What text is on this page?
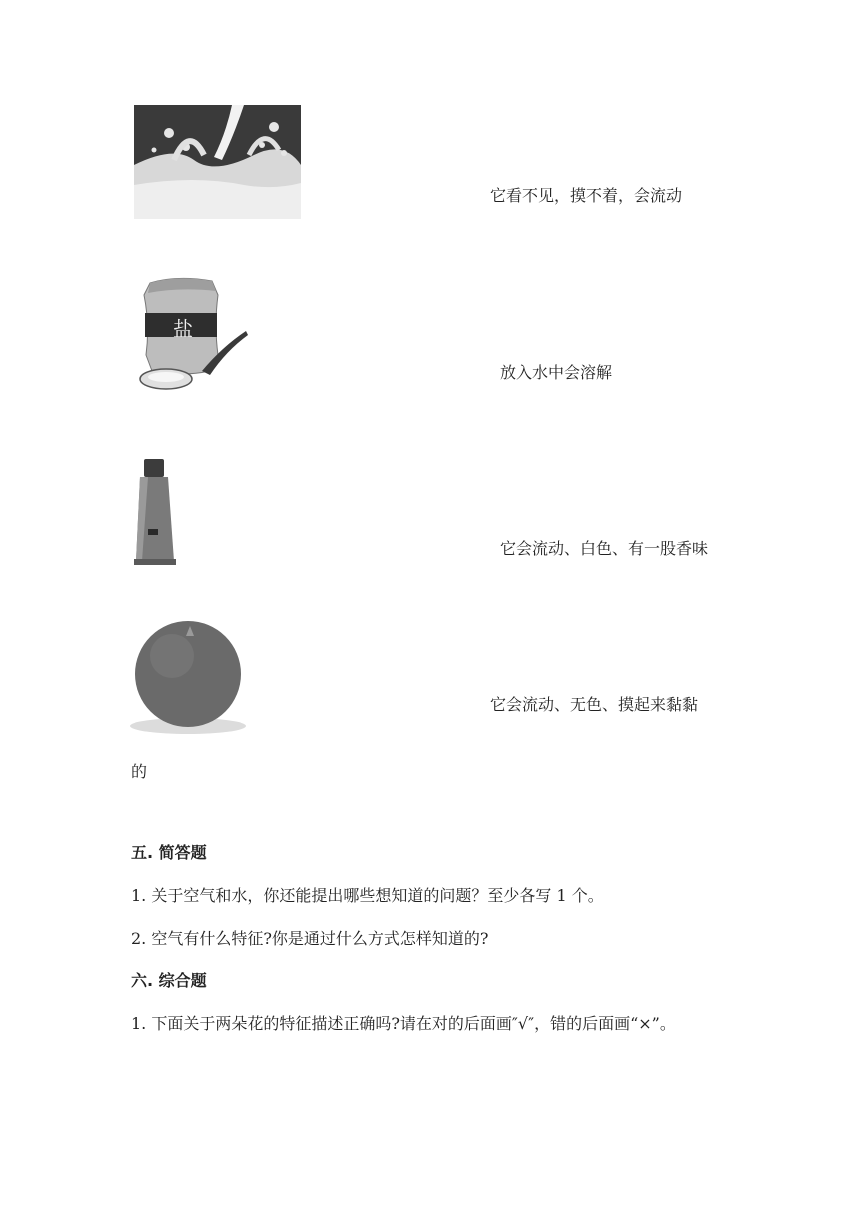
它看不见，摸不着，会流动
盐
放入水中会溶解
它会流动、白色、有一股香味
它会流动、无色、摸起来黏黏
的
五. 简答题
1. 关于空气和水，你还能提出哪些想知道的问题？至少各写 1 个。
2. 空气有什么特征?你是通过什么方式怎样知道的?
六. 综合题
1. 下面关于两朵花的特征描述正确吗?请在对的后面画″√″，错的后面画“×”。
